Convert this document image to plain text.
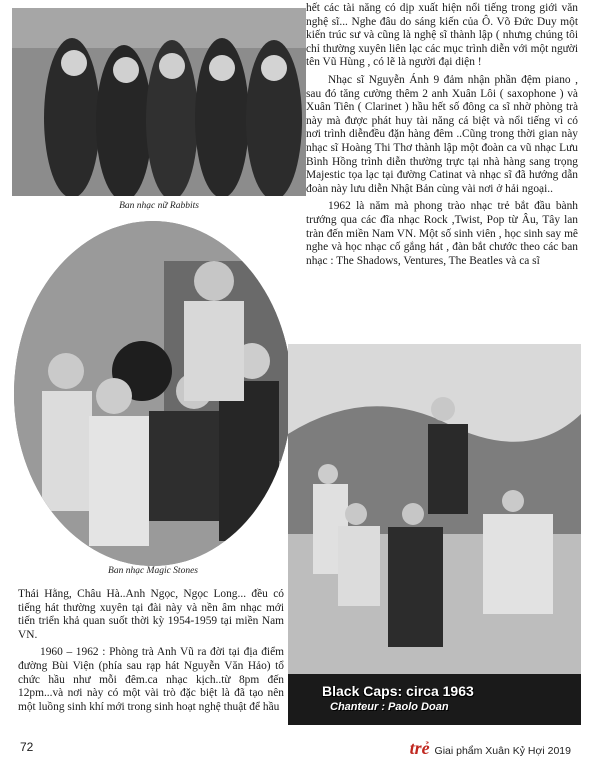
Ban nhạc nữ Rabbits
Ban nhạc Magic Stones
Black Caps: circa 1963
Chanteur : Paolo Doan

hết các tài năng có dịp xuất hiện nổi tiếng trong giới văn nghệ sĩ... Nghe đâu do sáng kiến của Ô. Võ Đức Duy một kiến trúc sư và cũng là nghệ sĩ thành lập ( nhưng chúng tôi chỉ thường xuyên liên lạc các mục trình diễn với một người tên Vũ Hùng , có lẽ là người đại diện !

Nhạc sĩ Nguyễn Ánh 9 đảm nhận phần đệm piano , sau đó tăng cường thêm 2 anh Xuân Lôi ( saxophone ) và Xuân Tiên ( Clarinet ) hầu hết số đông ca sĩ nhờ phòng trà này mà được phát huy tài năng cá biệt và nổi tiếng vì có nơi trình diễnđều đặn hàng đêm ..Cũng trong thời gian này nhạc sĩ Hoàng Thi Thơ thành lập một đoàn ca vũ nhạc Lưu Bình Hồng trình diễn thường trực tại nhà hàng sang trọng Majestic tọa lạc tại đường Catinat và nhạc sĩ đã hướng dẫn đoàn này lưu diễn Nhật Bản cùng vài nơi ở hải ngoại..

1962 là năm mà phong trào nhạc trẻ bắt đầu bành trướng qua các đĩa nhạc Rock ,Twist, Pop từ Âu, Tây lan tràn đến miền Nam VN. Một số sinh viên , học sinh say mê nghe và học nhạc cố gắng hát , đàn bắt chước theo các ban nhạc : The Shadows, Ventures, The Beatles và ca sĩ

Thái Hằng, Châu Hà..Anh Ngọc, Ngọc Long... đều có tiếng hát thường xuyên tại đài này và nền âm nhạc mới tiến triển khả quan suốt thời kỳ 1954-1959 tại miền Nam VN.

1960 – 1962 : Phòng trà Anh Vũ ra đời tại địa điểm đường Bùi Viện (phía sau rạp hát Nguyễn Văn Hảo) tổ chức hầu như mỗi đêm.ca nhạc kịch..từ 8pm đến 12pm...và nơi này có một vài trò đặc biệt là đã tạo nên một luồng sinh khí mới trong sinh hoạt nghệ thuật để hầu

72	trẻ Giai phẩm Xuân Kỷ Hợi 2019
